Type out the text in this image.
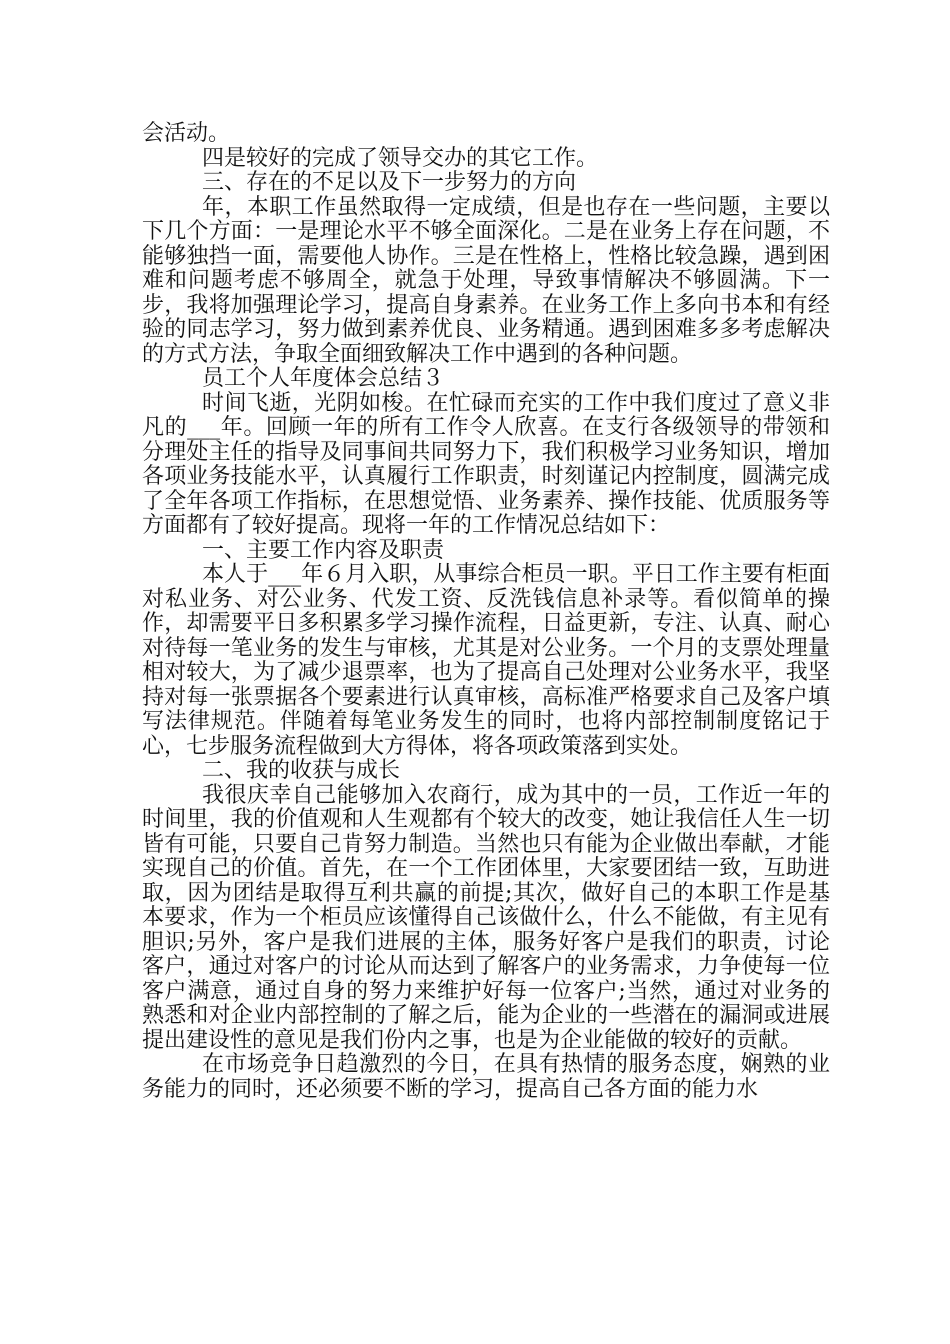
会活动。

四是较好的完成了领导交办的其它工作。

三、存在的不足以及下一步努力的方向

年，本职工作虽然取得一定成绩，但是也存在一些问题，主要以下几个方面：一是理论水平不够全面深化。二是在业务上存在问题，不能够独挡一面，需要他人协作。三是在性格上，性格比较急躁，遇到困难和问题考虑不够周全，就急于处理，导致事情解决不够圆满。下一步，我将加强理论学习，提高自身素养。在业务工作上多向书本和有经验的同志学习，努力做到素养优良、业务精通。遇到困难多多考虑解决的方式方法，争取全面细致解决工作中遇到的各种问题。

员工个人年度体会总结３

时间飞逝，光阴如梭。在忙碌而充实的工作中我们度过了意义非凡的___年。回顾一年的所有工作令人欣喜。在支行各级领导的带领和分理处主任的指导及同事间共同努力下，我们积极学习业务知识，增加各项业务技能水平，认真履行工作职责，时刻谨记内控制度，圆满完成了全年各项工作指标，在思想觉悟、业务素养、操作技能、优质服务等方面都有了较好提高。现将一年的工作情况总结如下：

一、主要工作内容及职责

本人于___年６月入职，从事综合柜员一职。平日工作主要有柜面对私业务、对公业务、代发工资、反洗钱信息补录等。看似简单的操作，却需要平日多积累多学习操作流程，日益更新，专注、认真、耐心对待每一笔业务的发生与审核，尤其是对公业务。一个月的支票处理量相对较大，为了减少退票率，也为了提高自己处理对公业务水平，我坚持对每一张票据各个要素进行认真审核，高标准严格要求自己及客户填写法律规范。伴随着每笔业务发生的同时，也将内部控制制度铭记于心，七步服务流程做到大方得体，将各项政策落到实处。

二、我的收获与成长

我很庆幸自己能够加入农商行，成为其中的一员，工作近一年的时间里，我的价值观和人生观都有个较大的改变，她让我信任人生一切皆有可能，只要自己肯努力制造。当然也只有能为企业做出奉献，才能实现自己的价值。首先，在一个工作团体里，大家要团结一致，互助进取，因为团结是取得互利共赢的前提;其次，做好自己的本职工作是基本要求，作为一个柜员应该懂得自己该做什么，什么不能做，有主见有胆识;另外，客户是我们进展的主体，服务好客户是我们的职责，讨论客户，通过对客户的讨论从而达到了解客户的业务需求，力争使每一位客户满意，通过自身的努力来维护好每一位客户;当然，通过对业务的熟悉和对企业内部控制的了解之后，能为企业的一些潜在的漏洞或进展提出建设性的意见是我们份内之事，也是为企业能做的较好的贡献。

在市场竞争日趋激烈的今日，在具有热情的服务态度，娴熟的业务能力的同时，还必须要不断的学习，提高自己各方面的能力水
